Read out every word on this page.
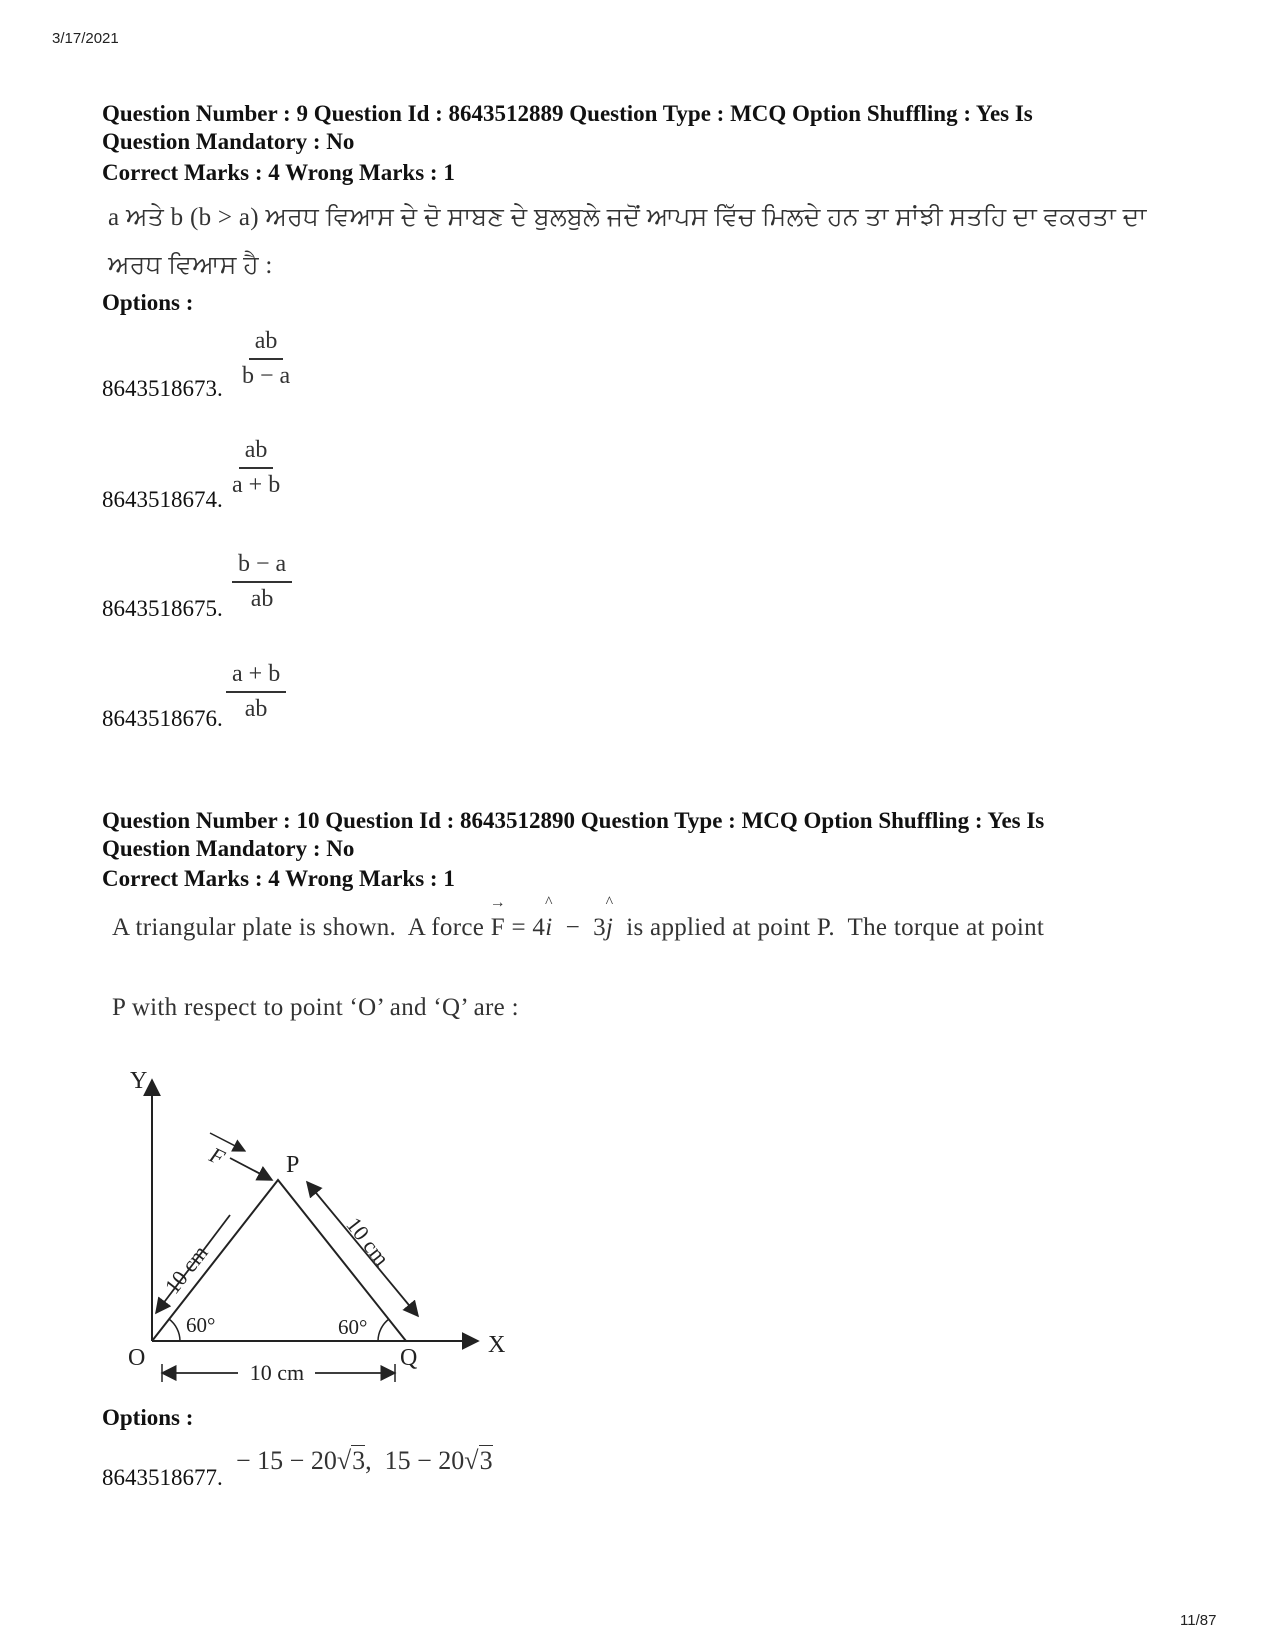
3/17/2021
Question Number : 9 Question Id : 8643512889 Question Type : MCQ Option Shuffling : Yes Is
Question Mandatory : No
Correct Marks : 4 Wrong Marks : 1
a ਅਤੇ b (b > a) ਅਰਧ ਵਿਆਸ ਦੇ ਦੋ ਸਾਬਣ ਦੇ ਬੁਲਬੁਲੇ ਜਦੋਂ ਆਪਸ ਵਿੱਚ ਮਿਲਦੇ ਹਨ ਤਾ ਸਾਂਝੀ ਸਤਹਿ ਦਾ ਵਕਰਤਾ ਦਾ
ਅਰਧ ਵਿਆਸ ਹੈ :
Options :
8643518673. $\frac{ab}{b - a}$
8643518674.
$\frac{ab}{a + b}$
8643518675. $\frac{b - a}{ab}$
8643518676. $\frac{a + b}{ab}$
Question Number : 10 Question Id : 8643512890 Question Type : MCQ Option Shuffling : Yes Is
Question Mandatory : No
Correct Marks : 4 Wrong Marks : 1
A triangular plate is shown.  A force
→
F = 4
^
i  −  3
^
j  is applied at point P.  The torque at point
P with respect to point ‘O’ and ‘Q’ are :
Y
X
O
P
Q
F
10 cm	10 cm
10 cm
60°	60°
Options :
8643518677.
− 15 − 20√3,  15 − 20√3
11/87
